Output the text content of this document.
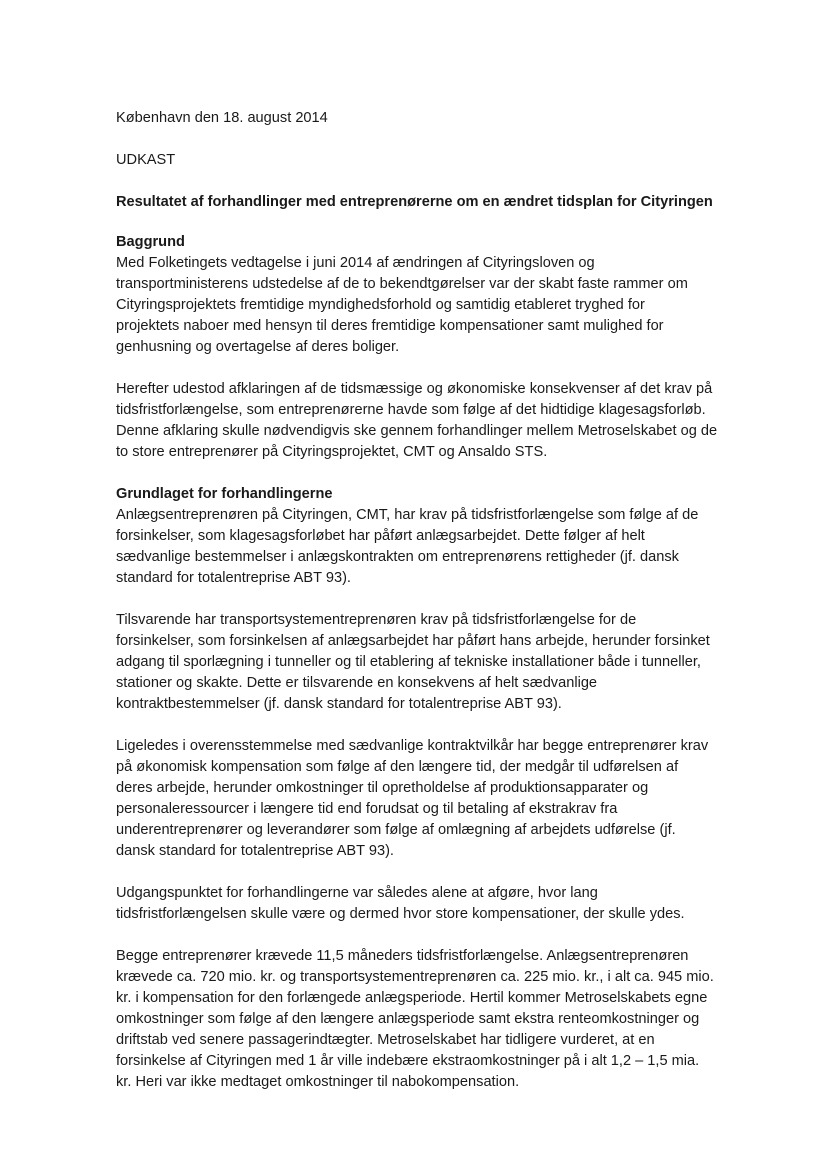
København den 18. august 2014
UDKAST
Resultatet af forhandlinger med entreprenørerne om en ændret tidsplan for Cityringen
Baggrund
Med Folketingets vedtagelse i juni 2014 af ændringen af Cityringsloven og
transportministerens udstedelse af de to bekendtgørelser var der skabt faste rammer om
Cityringsprojektets fremtidige myndighedsforhold og samtidig etableret tryghed for
projektets naboer med hensyn til deres fremtidige kompensationer samt mulighed for
genhusning og overtagelse af deres boliger.
Herefter udestod afklaringen af de tidsmæssige og økonomiske konsekvenser af det krav på
tidsfristforlængelse, som entreprenørerne havde som følge af det hidtidige klagesagsforløb.
Denne afklaring skulle nødvendigvis ske gennem forhandlinger mellem Metroselskabet og de
to store entreprenører på Cityringsprojektet, CMT og Ansaldo STS.
Grundlaget for forhandlingerne
Anlægsentreprenøren på Cityringen, CMT, har krav på tidsfristforlængelse som følge af de
forsinkelser, som klagesagsforløbet har påført anlægsarbejdet. Dette følger af helt
sædvanlige bestemmelser i anlægskontrakten om entreprenørens rettigheder (jf. dansk
standard for totalentreprise ABT 93).
Tilsvarende har transportsystementreprenøren krav på tidsfristforlængelse for de
forsinkelser, som forsinkelsen af anlægsarbejdet har påført hans arbejde, herunder forsinket
adgang til sporlægning i tunneller og til etablering af tekniske installationer både i tunneller,
stationer og skakte. Dette er tilsvarende en konsekvens af helt sædvanlige
kontraktbestemmelser (jf. dansk standard for totalentreprise ABT 93).
Ligeledes i overensstemmelse med sædvanlige kontraktvilkår har begge entreprenører krav
på økonomisk kompensation som følge af den længere tid, der medgår til udførelsen af
deres arbejde, herunder omkostninger til opretholdelse af produktionsapparater og
personaleressourcer i længere tid end forudsat og til betaling af ekstrakrav fra
underentreprenører og leverandører som følge af omlægning af arbejdets udførelse (jf.
dansk standard for totalentreprise ABT 93).
Udgangspunktet for forhandlingerne var således alene at afgøre, hvor lang
tidsfristforlængelsen skulle være og dermed hvor store kompensationer, der skulle ydes.
Begge entreprenører krævede 11,5 måneders tidsfristforlængelse. Anlægsentreprenøren
krævede ca. 720 mio. kr. og transportsystementreprenøren ca. 225 mio. kr., i alt ca. 945 mio.
kr. i kompensation for den forlængede anlægsperiode. Hertil kommer Metroselskabets egne
omkostninger som følge af den længere anlægsperiode samt ekstra renteomkostninger og
driftstab ved senere passagerindtægter. Metroselskabet har tidligere vurderet, at en
forsinkelse af Cityringen med 1 år ville indebære ekstraomkostninger på i alt 1,2 – 1,5 mia.
kr. Heri var ikke medtaget omkostninger til nabokompensation.
